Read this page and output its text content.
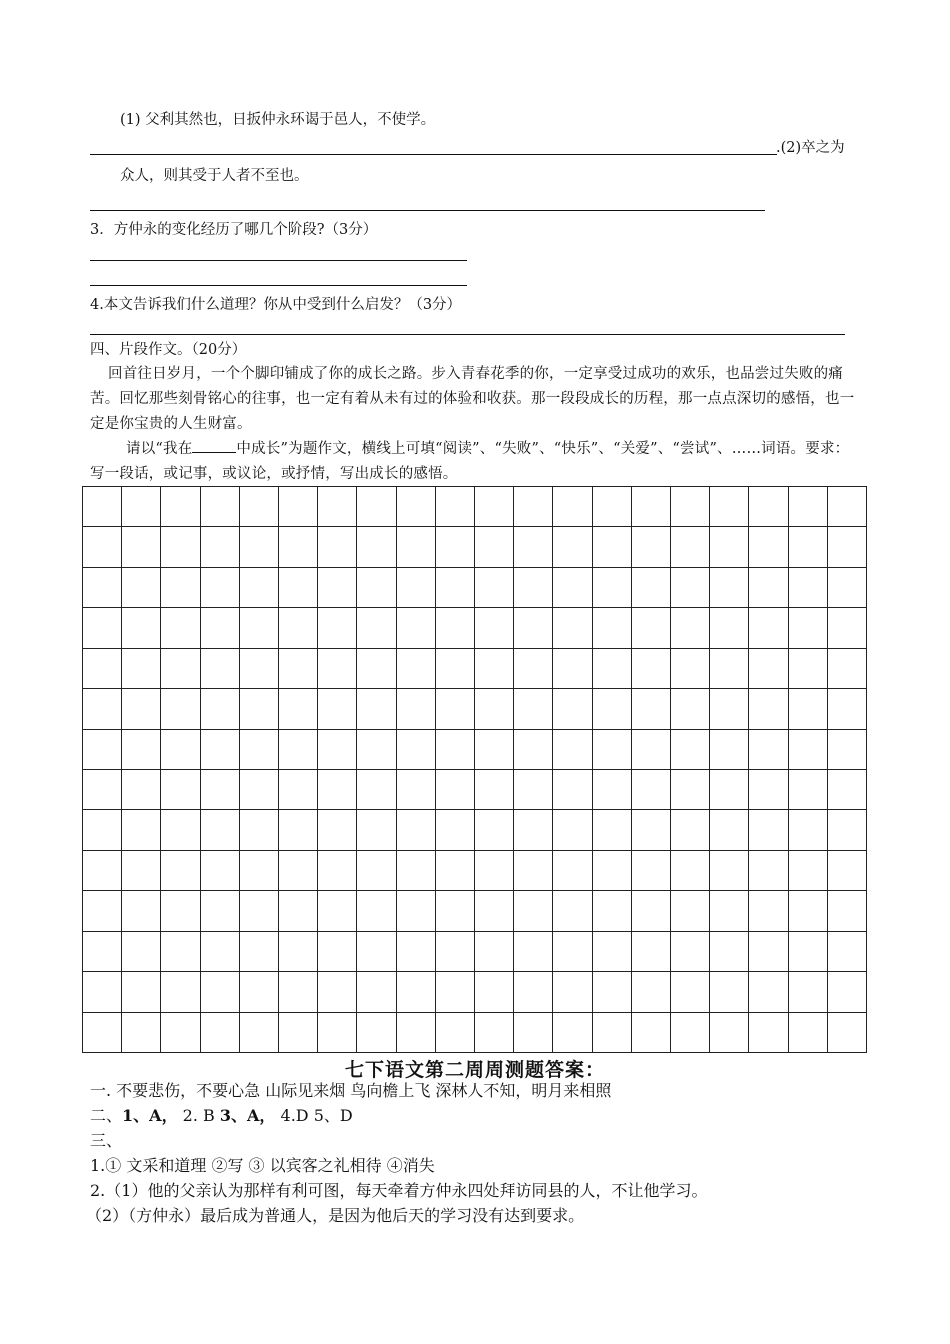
(1) 父利其然也，日扳仲永环谒于邑人，不使学。
.(2)卒之为
众人，则其受于人者不至也。
3．方仲永的变化经历了哪几个阶段?（3分）
4.本文告诉我们什么道理？你从中受到什么启发？（3分）
四、片段作文。（20分）
回首往日岁月，一个个脚印铺成了你的成长之路。步入青春花季的你，一定享受过成功的欢乐，也品尝过失败的痛苦。回忆那些刻骨铭心的往事，也一定有着从未有过的体验和收获。那一段段成长的历程，那一点点深切的感悟，也一定是你宝贵的人生财富。
请以“我在	中成长”为题作文，横线上可填“阅读”、“失败”、“快乐”、“关爱”、“尝试”、……词语。要求：写一段话，或记事，或议论，或抒情，写出成长的感悟。
七下语文第二周周测题答案：
一. 不要悲伤，不要心急 山际见来烟 鸟向檐上飞 深林人不知，明月来相照
二、1、A， 2. B 3、A， 4.D 5、D
三、
1.① 文采和道理 ②写 ③ 以宾客之礼相待 ④消失
2.（1）他的父亲认为那样有利可图，每天牵着方仲永四处拜访同县的人，不让他学习。
（2）（方仲永）最后成为普通人，是因为他后天的学习没有达到要求。
